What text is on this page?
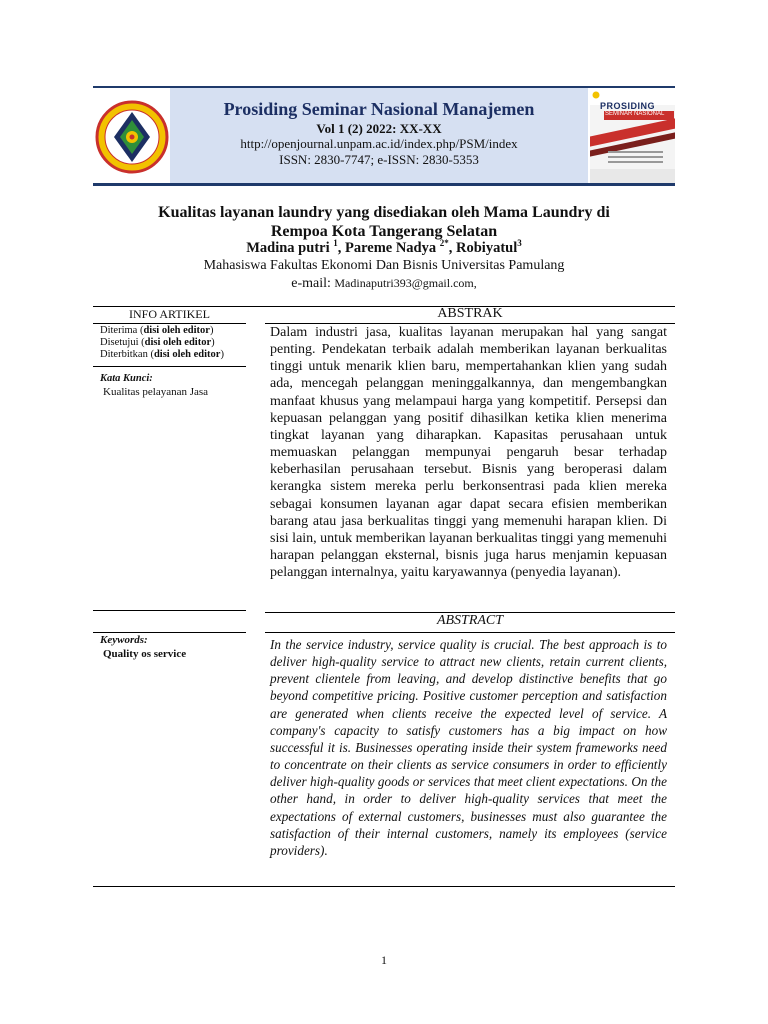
Prosiding Seminar Nasional Manajemen
Vol 1 (2) 2022: XX-XX
http://openjournal.unpam.ac.id/index.php/PSM/index
ISSN: 2830-7747; e-ISSN: 2830-5353
PROSIDING
SEMINAR NASIONAL
Kualitas layanan laundry yang disediakan oleh Mama Laundry di
Rempoa Kota Tangerang Selatan
Madina putri $^1$, Pareme Nadya $^{2*}$, Robiyatul$^3$
Mahasiswa Fakultas Ekonomi Dan Bisnis Universitas Pamulang
e-mail: Madinaputri393@gmail.com,
INFO ARTIKEL
Diterima (disi oleh editor)
Disetujui (disi oleh editor)
Diterbitkan (disi oleh editor)
Kata Kunci:
Kualitas pelayanan Jasa
Keywords:
Quality os service
ABSTRAK
Dalam industri jasa, kualitas layanan merupakan hal yang sangat penting. Pendekatan terbaik adalah memberikan layanan berkualitas tinggi untuk menarik klien baru, mempertahankan klien yang sudah ada, mencegah pelanggan meninggalkannya, dan mengembangkan manfaat khusus yang melampaui harga yang kompetitif. Persepsi dan kepuasan pelanggan yang positif dihasilkan ketika klien menerima tingkat layanan yang diharapkan. Kapasitas perusahaan untuk memuaskan pelanggan mempunyai pengaruh besar terhadap keberhasilan perusahaan tersebut. Bisnis yang beroperasi dalam kerangka sistem mereka perlu berkonsentrasi pada klien mereka sebagai konsumen layanan agar dapat secara efisien memberikan barang atau jasa berkualitas tinggi yang memenuhi harapan klien. Di sisi lain, untuk memberikan layanan berkualitas tinggi yang memenuhi harapan pelanggan eksternal, bisnis juga harus menjamin kepuasan pelanggan internalnya, yaitu karyawannya (penyedia layanan).
ABSTRACT
In the service industry, service quality is crucial. The best approach is to deliver high-quality service to attract new clients, retain current clients, prevent clientele from leaving, and develop distinctive benefits that go beyond competitive pricing. Positive customer perception and satisfaction are generated when clients receive the expected level of service. A company's capacity to satisfy customers has a big impact on how successful it is. Businesses operating inside their system frameworks need to concentrate on their clients as service consumers in order to efficiently deliver high-quality goods or services that meet client expectations. On the other hand, in order to deliver high-quality services that meet the expectations of external customers, businesses must also guarantee the satisfaction of their internal customers, namely its employees (service providers).
1
